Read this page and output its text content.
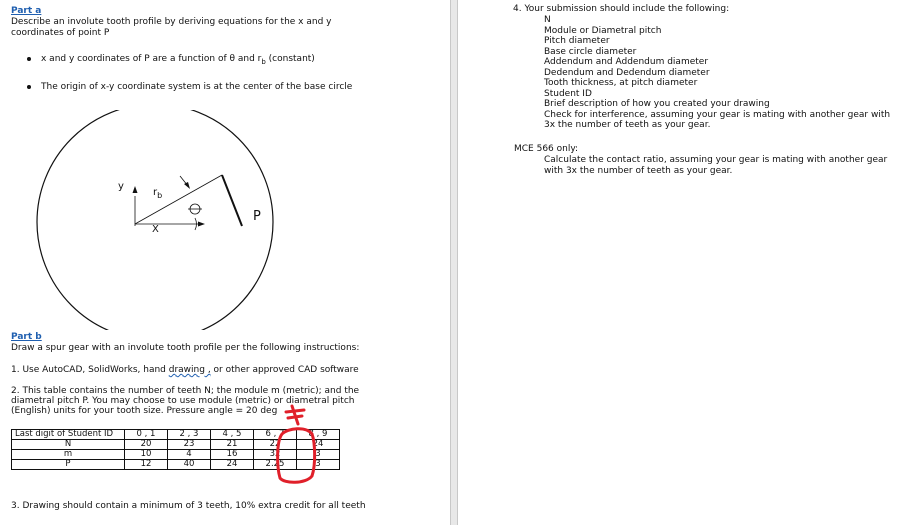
Part a
Describe an involute tooth profile by deriving equations for the x and y
coordinates of point P
x and y coordinates of P are a function of θ and $r_b$ (constant)
The origin of x-y coordinate system is at the center of the base circle
y
$r_b$
X
P
Part b
Draw a spur gear with an involute tooth profile per the following instructions:
1. Use AutoCAD, SolidWorks, hand drawing , or other approved CAD software
2. This table contains the number of teeth N; the module m (metric); and the
diametral pitch P. You may choose to use module (metric) or diametral pitch
(English) units for your tooth size. Pressure angle = 20 deg
Last digit of Student ID	0 , 1	2 , 3	4 , 5	6 , 7	8 , 9
N	20	23	21	22	24
m	10	4	16	32	3
P	12	40	24	2.25	3
3. Drawing should contain a minimum of 3 teeth, 10% extra credit for all teeth
4. Your submission should include the following:
N
Module or Diametral pitch
Pitch diameter
Base circle diameter
Addendum and Addendum diameter
Dedendum and Dedendum diameter
Tooth thickness, at pitch diameter
Student ID
Brief description of how you created your drawing
Check for interference, assuming your gear is mating with another gear with
3x the number of teeth as your gear.
MCE 566 only:
Calculate the contact ratio, assuming your gear is mating with another gear
with 3x the number of teeth as your gear.
